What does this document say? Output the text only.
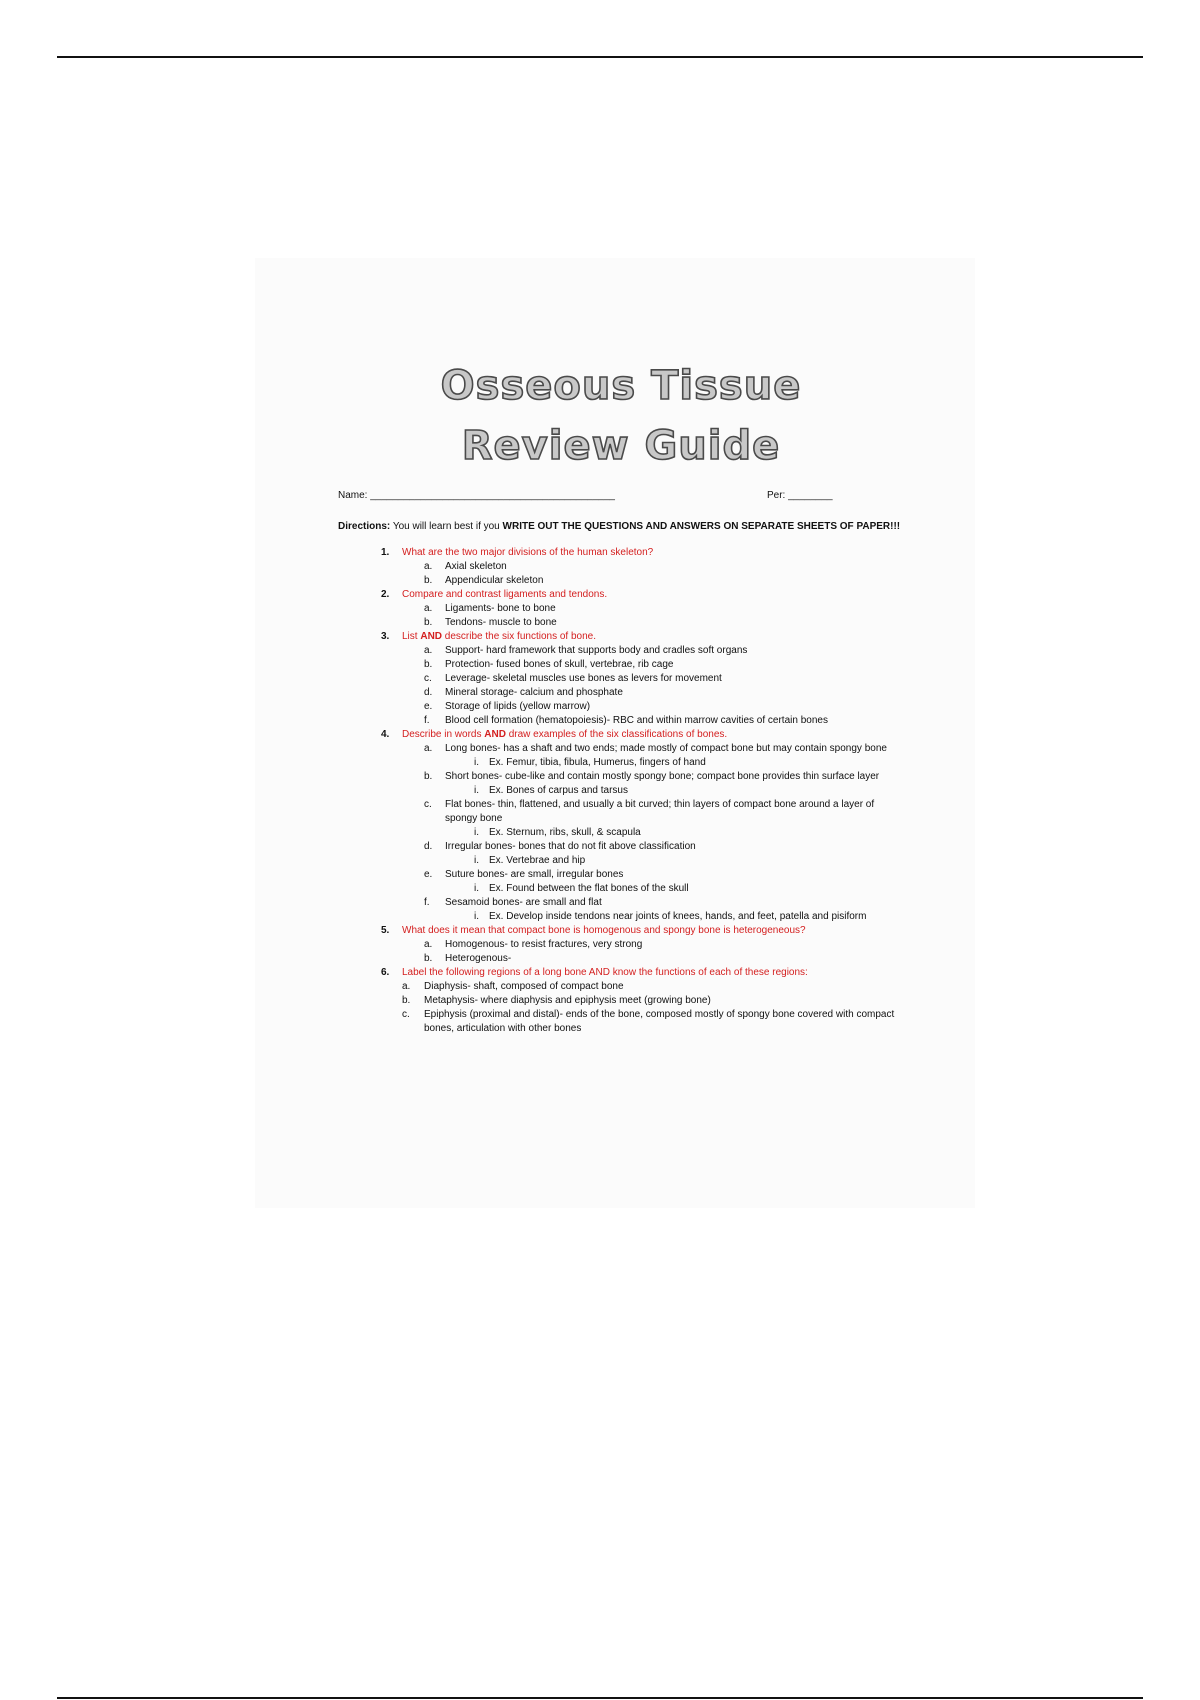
Osseous Tissue
Review Guide
Name: ____________________________________________	Per: ________
Directions: You will learn best if you WRITE OUT THE QUESTIONS AND ANSWERS ON SEPARATE SHEETS OF PAPER!!!
1. What are the two major divisions of the human skeleton?
a. Axial skeleton
b. Appendicular skeleton
2. Compare and contrast ligaments and tendons.
a. Ligaments- bone to bone
b. Tendons- muscle to bone
3. List AND describe the six functions of bone.
a. Support- hard framework that supports body and cradles soft organs
b. Protection- fused bones of skull, vertebrae, rib cage
c. Leverage- skeletal muscles use bones as levers for movement
d. Mineral storage- calcium and phosphate
e. Storage of lipids (yellow marrow)
f. Blood cell formation (hematopoiesis)- RBC and within marrow cavities of certain bones
4. Describe in words AND draw examples of the six classifications of bones.
a. Long bones- has a shaft and two ends; made mostly of compact bone but may contain spongy bone
i. Ex. Femur, tibia, fibula, Humerus, fingers of hand
b. Short bones- cube-like and contain mostly spongy bone; compact bone provides thin surface layer
i. Ex. Bones of carpus and tarsus
c. Flat bones- thin, flattened, and usually a bit curved; thin layers of compact bone around a layer of spongy bone
i. Ex. Sternum, ribs, skull, & scapula
d. Irregular bones- bones that do not fit above classification
i. Ex. Vertebrae and hip
e. Suture bones- are small, irregular bones
i. Ex. Found between the flat bones of the skull
f. Sesamoid bones- are small and flat
i. Ex. Develop inside tendons near joints of knees, hands, and feet, patella and pisiform
5. What does it mean that compact bone is homogenous and spongy bone is heterogeneous?
a. Homogenous- to resist fractures, very strong
b. Heterogenous-
6. Label the following regions of a long bone AND know the functions of each of these regions:
a. Diaphysis- shaft, composed of compact bone
b. Metaphysis- where diaphysis and epiphysis meet (growing bone)
c. Epiphysis (proximal and distal)- ends of the bone, composed mostly of spongy bone covered with compact bones, articulation with other bones
